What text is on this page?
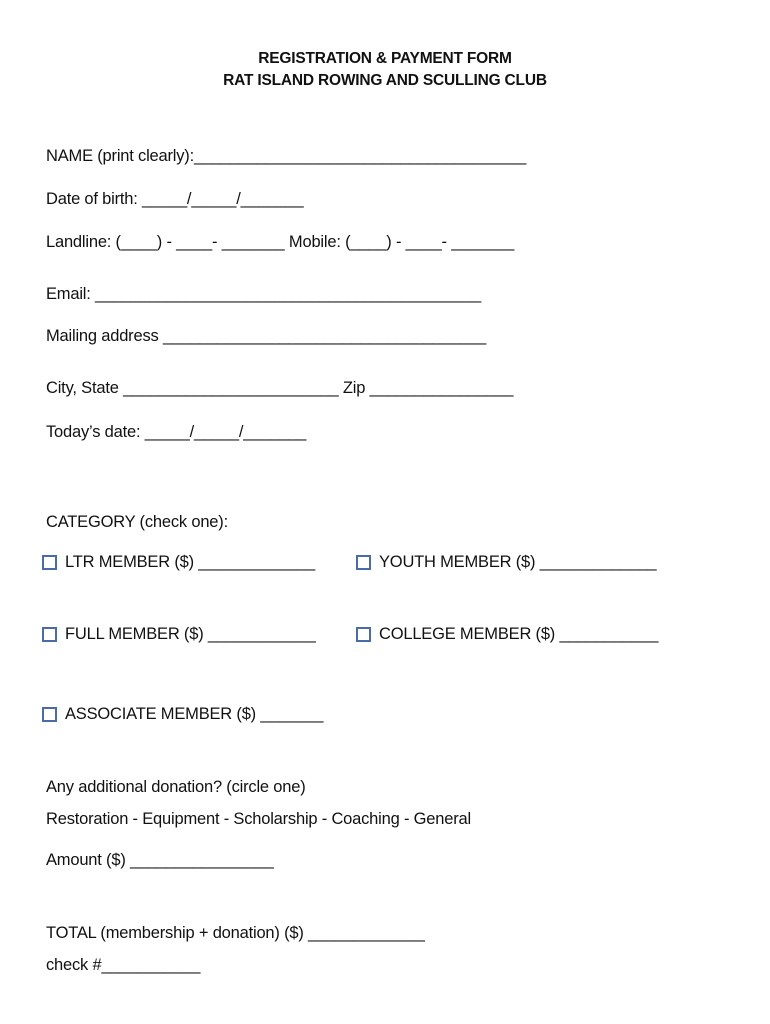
REGISTRATION & PAYMENT FORM
RAT ISLAND ROWING AND SCULLING CLUB
NAME (print clearly):_____________________________________
Date of birth: _____/_____/_______
Landline: (____) - ____- _______ Mobile: (____) - ____- _______
Email: ___________________________________________
Mailing address ____________________________________
City, State ________________________ Zip ________________
Today’s date: _____/_____/_______
CATEGORY (check one):
LTR MEMBER ($) _____________	YOUTH MEMBER ($) _____________
FULL MEMBER ($) ____________	COLLEGE MEMBER ($) ___________
ASSOCIATE MEMBER ($) _______
Any additional donation? (circle one)
Restoration - Equipment - Scholarship - Coaching - General
Amount ($) ________________
TOTAL (membership + donation) ($) _____________
check #___________
